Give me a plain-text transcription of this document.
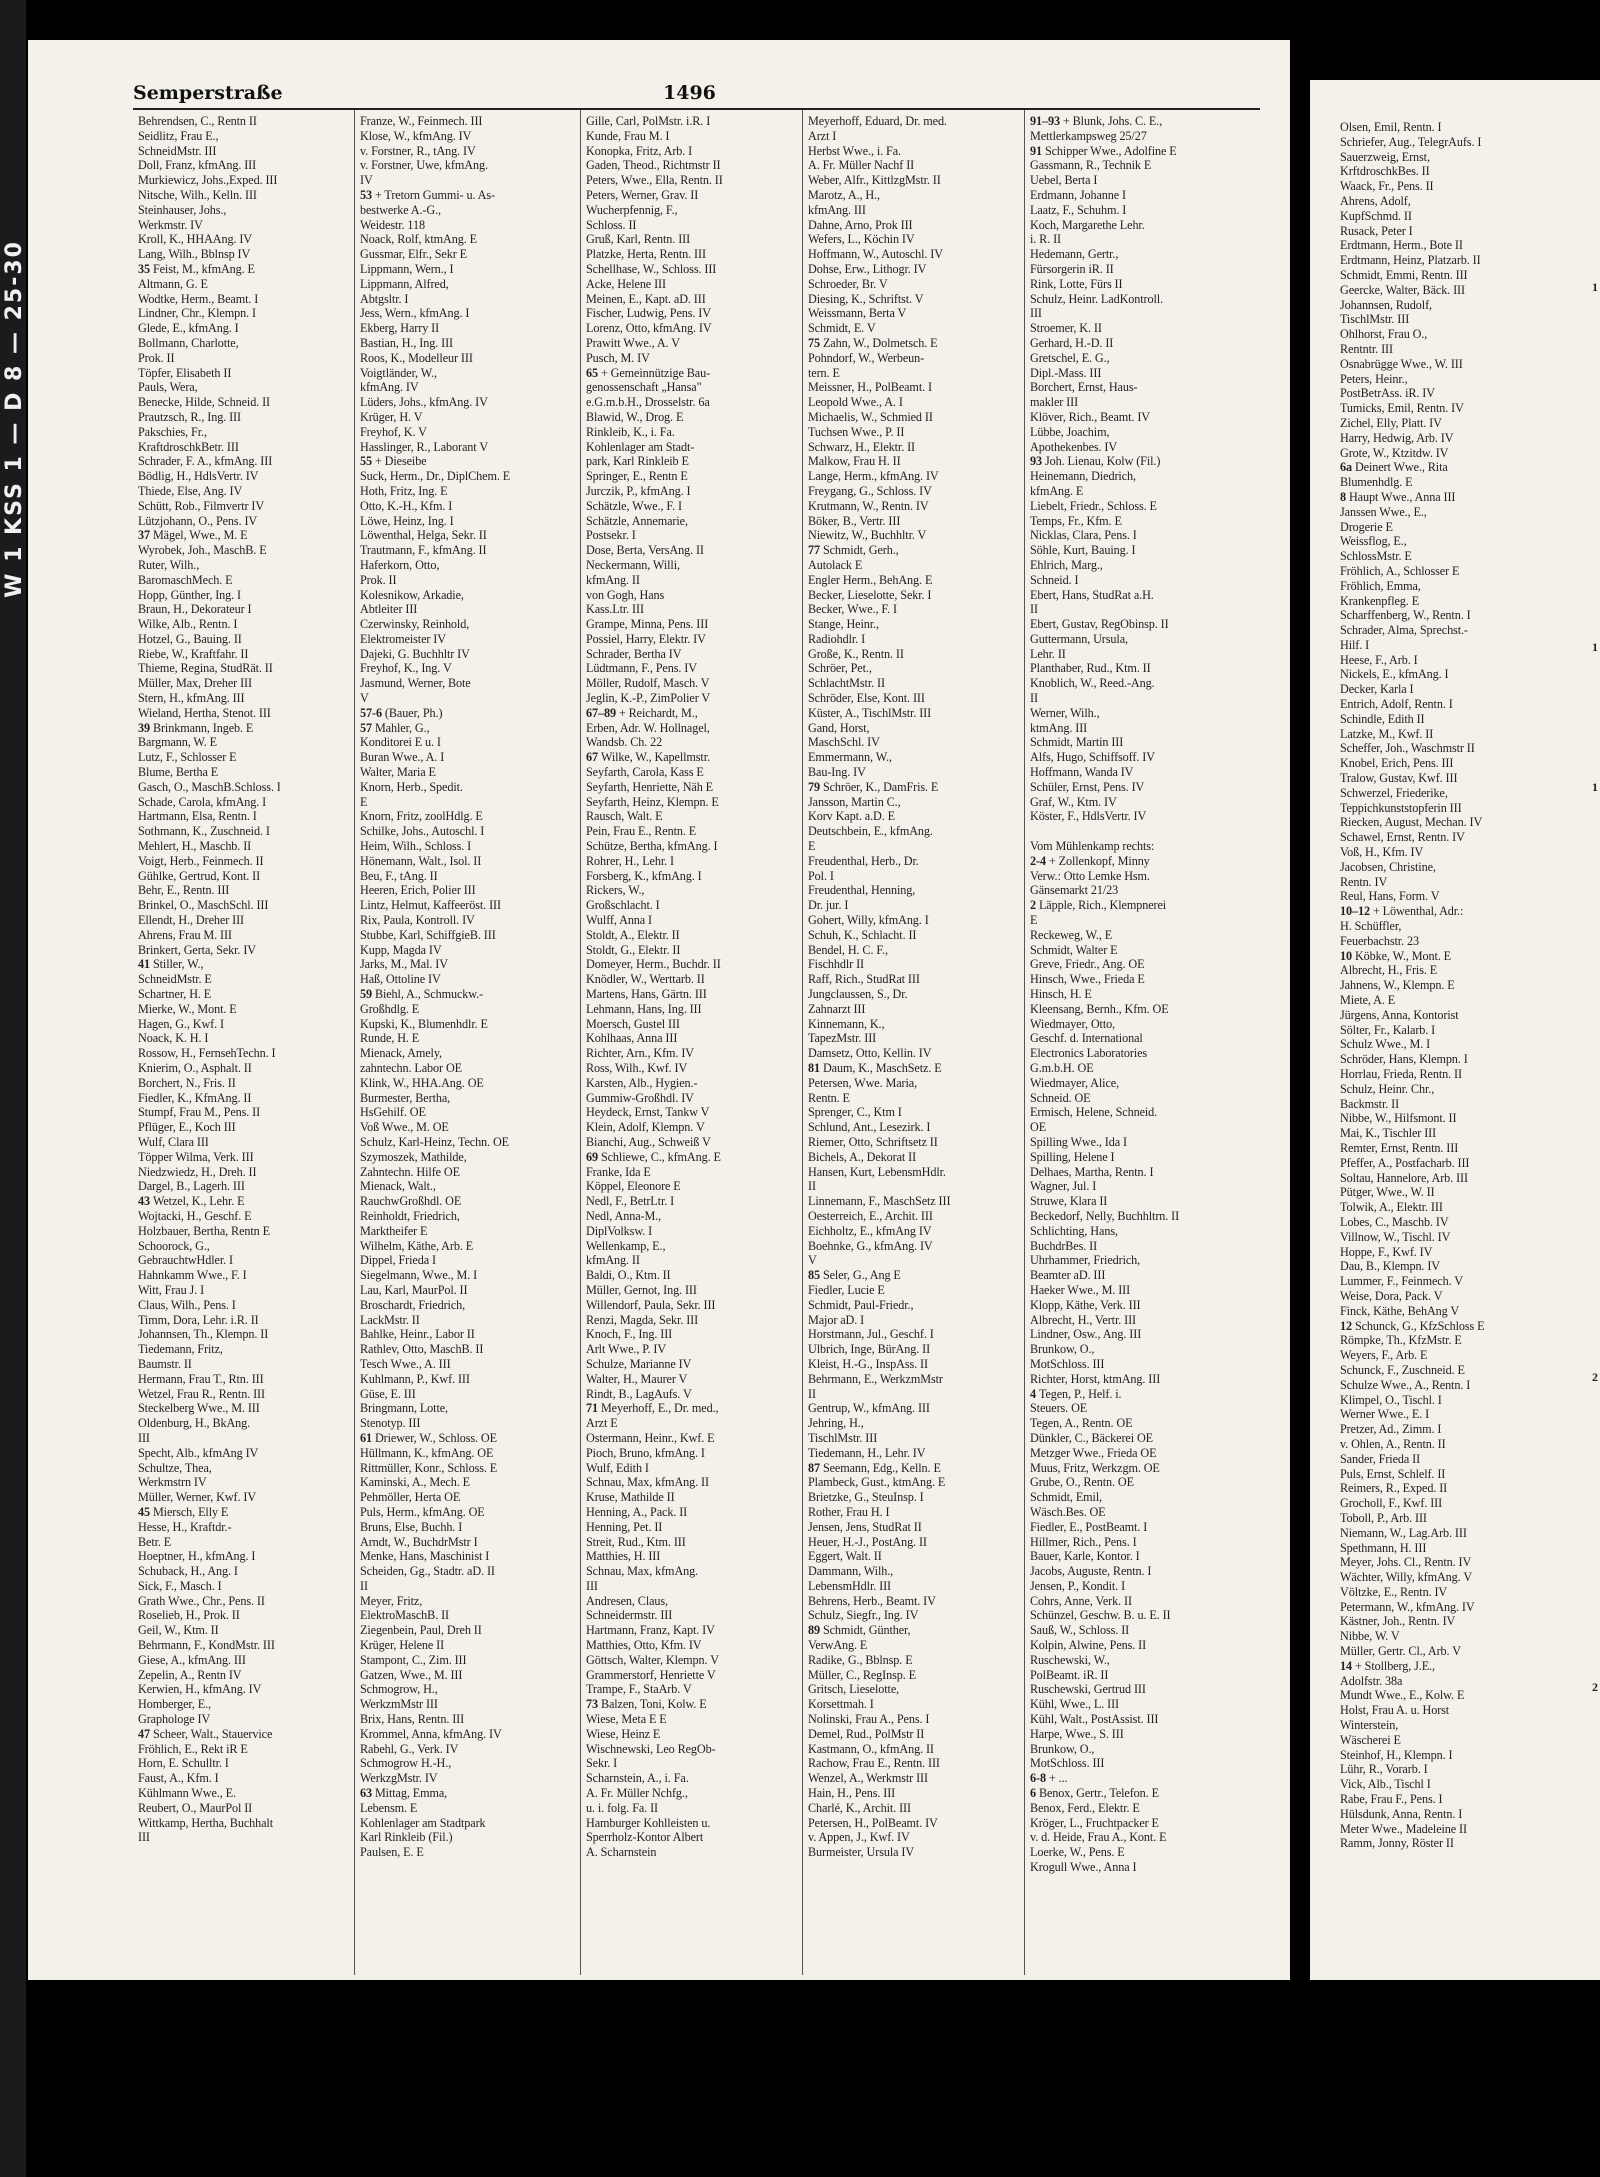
W 1 KSS 1 — D 8 — 25-30
Semperstraße	1496
Behrendsen, C., Rentn II
Seidlitz, Frau E.,
SchneidMstr. III
Doll, Franz, kfmAng. III
Murkiewicz, Johs.,Exped. III
Nitsche, Wilh., Kelln. III
Steinhauser, Johs.,
Werkmstr. IV
Kroll, K., HHAAng. IV
Lang, Wilh., Bblnsp IV
35 Feist, M., kfmAng. E
Altmann, G. E
Wodtke, Herm., Beamt. I
Lindner, Chr., Klempn. I
Glede, E., kfmAng. I
Bollmann, Charlotte,
Prok. II
Töpfer, Elisabeth II
Pauls, Wera,
Benecke, Hilde, Schneid. II
Prautzsch, R., Ing. III
Pakschies, Fr.,
KraftdroschkBetr. III
Schrader, F. A., kfmAng. III
Bödlig, H., HdlsVertr. IV
Thiede, Else, Ang. IV
Schütt, Rob., Filmvertr IV
Lützjohann, O., Pens. IV
37 Mägel, Wwe., M. E
Wyrobek, Joh., MaschB. E
Ruter, Wilh.,
BaromaschMech. E
Hopp, Günther, Ing. I
Braun, H., Dekorateur I
Wilke, Alb., Rentn. I
Hotzel, G., Bauing. II
Riebe, W., Kraftfahr. II
Thieme, Regina, StudRät. II
Müller, Max, Dreher III
Stern, H., kfmAng. III
Wieland, Hertha, Stenot. III
39 Brinkmann, Ingeb. E
Bargmann, W. E
Lutz, F., Schlosser E
Blume, Bertha E
Gasch, O., MaschB.Schloss. I
Schade, Carola, kfmAng. I
Hartmann, Elsa, Rentn. I
Sothmann, K., Zuschneid. I
Mehlert, H., Maschb. II
Voigt, Herb., Feinmech. II
Gühlke, Gertrud, Kont. II
Behr, E., Rentn. III
Brinkel, O., MaschSchl. III
Ellendt, H., Dreher III
Ahrens, Frau M. III
Brinkert, Gerta, Sekr. IV
41 Stiller, W.,
SchneidMstr. E
Schartner, H. E
Mierke, W., Mont. E
Hagen, G., Kwf. I
Noack, K. H. I
Rossow, H., FernsehTechn. I
Knierim, O., Asphalt. II
Borchert, N., Fris. II
Fiedler, K., KfmAng. II
Stumpf, Frau M., Pens. II
Pflüger, E., Koch III
Wulf, Clara III
Töpper Wilma, Verk. III
Niedzwiedz, H., Dreh. II
Dargel, B., Lagerh. III
43 Wetzel, K., Lehr. E
Wojtacki, H., Geschf. E
Holzbauer, Bertha, Rentn E
Schoorock, G.,
GebrauchtwHdler. I
Hahnkamm Wwe., F. I
Witt, Frau J. I
Claus, Wilh., Pens. I
Timm, Dora, Lehr. i.R. II
Johannsen, Th., Klempn. II
Tiedemann, Fritz,
Baumstr. II
Hermann, Frau T., Rtn. III
Wetzel, Frau R., Rentn. III
Steckelberg Wwe., M. III
Oldenburg, H., BkAng.
III
Specht, Alb., kfmAng IV
Schultze, Thea,
Werkmstrn IV
Müller, Werner, Kwf. IV
45 Miersch, Elly E
Hesse, H., Kraftdr.-
Betr. E
Hoeptner, H., kfmAng. I
Schuback, H., Ang. I
Sick, F., Masch. I
Grath Wwe., Chr., Pens. II
Roselieb, H., Prok. II
Geil, W., Ktm. II
Behrmann, F., KondMstr. III
Giese, A., kfmAng. III
Zepelin, A., Rentn IV
Kerwien, H., kfmAng. IV
Homberger, E.,
Graphologe IV
47 Scheer, Walt., Stauervice
Fröhlich, E., Rekt iR E
Horn, E. Schulltr. I
Faust, A., Kfm. I
Kühlmann Wwe., E.
Reubert, O., MaurPol II
Wittkamp, Hertha, Buchhalt
III
Franze, W., Feinmech. III
Klose, W., kfmAng. IV
v. Forstner, R., tAng. IV
v. Forstner, Uwe, kfmAng.
IV
53 + Tretorn Gummi- u. As-
bestwerke A.-G.,
Weidestr. 118
Noack, Rolf, ktmAng. E
Gussmar, Elfr., Sekr E
Lippmann, Wern., I
Lippmann, Alfred,
Abtgsltr. I
Jess, Wern., kfmAng. I
Ekberg, Harry II
Bastian, H., Ing. III
Roos, K., Modelleur III
Voigtländer, W.,
kfmAng. IV
Lüders, Johs., kfmAng. IV
Krüger, H. V
Freyhof, K. V
Hasslinger, R., Laborant V
55 + Dieseibe
Suck, Herm., Dr., DiplChem. E
Hoth, Fritz, Ing. E
Otto, K.-H., Kfm. I
Löwe, Heinz, Ing. I
Löwenthal, Helga, Sekr. II
Trautmann, F., kfmAng. II
Haferkorn, Otto,
Prok. II
Kolesnikow, Arkadie,
Abtleiter III
Czerwinsky, Reinhold,
Elektromeister IV
Dajeki, G. Buchhltr IV
Freyhof, K., Ing. V
Jasmund, Werner, Bote
V
57-6 (Bauer, Ph.)
57 Mahler, G.,
Konditorei E u. I
Buran Wwe., A. I
Walter, Maria E
Knorn, Herb., Spedit.
E
Knorn, Fritz, zoolHdlg. E
Schilke, Johs., Autoschl. I
Heim, Wilh., Schloss. I
Hönemann, Walt., Isol. II
Beu, F., tAng. II
Heeren, Erich, Polier III
Lintz, Helmut, Kaffeeröst. III
Rix, Paula, Kontroll. IV
Stubbe, Karl, SchiffgieB. III
Kupp, Magda IV
Jarks, M., Mal. IV
Haß, Ottoline IV
59 Biehl, A., Schmuckw.-
Großhdlg. E
Kupski, K., Blumenhdlr. E
Runde, H. E
Mienack, Amely,
zahntechn. Labor OE
Klink, W., HHA.Ang. OE
Burmester, Bertha,
HsGehilf. OE
Voß Wwe., M. OE
Schulz, Karl-Heinz, Techn. OE
Szymoszek, Mathilde,
Zahntechn. Hilfe OE
Mienack, Walt.,
RauchwGroßhdl. OE
Reinholdt, Friedrich,
Marktheifer E
Wilhelm, Käthe, Arb. E
Dippel, Frieda I
Siegelmann, Wwe., M. I
Lau, Karl, MaurPol. II
Broschardt, Friedrich,
LackMstr. II
Bahlke, Heinr., Labor II
Rathlev, Otto, MaschB. II
Tesch Wwe., A. III
Kuhlmann, P., Kwf. III
Güse, E. III
Bringmann, Lotte,
Stenotyp. III
61 Driewer, W., Schloss. OE
Hüllmann, K., kfmAng. OE
Rittmüller, Konr., Schloss. E
Kaminski, A., Mech. E
Pehmöller, Herta OE
Puls, Herm., kfmAng. OE
Bruns, Else, Buchh. I
Arndt, W., BuchdrMstr I
Menke, Hans, Maschinist I
Scheiden, Gg., Stadtr. aD. II
II
Meyer, Fritz,
ElektroMaschB. II
Ziegenbein, Paul, Dreh II
Krüger, Helene II
Stampont, C., Zim. III
Gatzen, Wwe., M. III
Schmogrow, H.,
WerkzmMstr III
Brix, Hans, Rentn. III
Krommel, Anna, kfmAng. IV
Rabehl, G., Verk. IV
Schmogrow H.-H.,
WerkzgMstr. IV
63 Mittag, Emma,
Lebensm. E
Kohlenlager am Stadtpark
Karl Rinkleib (Fil.)
Paulsen, E. E
Gille, Carl, PolMstr. i.R. I
Kunde, Frau M. I
Konopka, Fritz, Arb. I
Gaden, Theod., Richtmstr II
Peters, Wwe., Ella, Rentn. II
Peters, Werner, Grav. II
Wucherpfennig, F.,
Schloss. II
Gruß, Karl, Rentn. III
Platzke, Herta, Rentn. III
Schellhase, W., Schloss. III
Acke, Helene III
Meinen, E., Kapt. aD. III
Fischer, Ludwig, Pens. IV
Lorenz, Otto, kfmAng. IV
Prawitt Wwe., A. V
Pusch, M. IV
65 + Gemeinnützige Bau-
genossenschaft „Hansa"
e.G.m.b.H., Drosselstr. 6a
Blawid, W., Drog. E
Rinkleib, K., i. Fa.
Kohlenlager am Stadt-
park, Karl Rinkleib E
Springer, E., Rentn E
Jurczik, P., kfmAng. I
Schätzle, Wwe., F. I
Schätzle, Annemarie,
Postsekr. I
Dose, Berta, VersAng. II
Neckermann, Willi,
kfmAng. II
von Gogh, Hans
Kass.Ltr. III
Grampe, Minna, Pens. III
Possiel, Harry, Elektr. IV
Schrader, Bertha IV
Lüdtmann, F., Pens. IV
Möller, Rudolf, Masch. V
Jeglin, K.-P., ZimPolier V
67–89 + Reichardt, M.,
Erben, Adr. W. Hollnagel,
Wandsb. Ch. 22
67 Wilke, W., Kapellmstr.
Seyfarth, Carola, Kass E
Seyfarth, Henriette, Näh E
Seyfarth, Heinz, Klempn. E
Rausch, Walt. E
Pein, Frau E., Rentn. E
Schütze, Bertha, kfmAng. I
Rohrer, H., Lehr. I
Forsberg, K., kfmAng. I
Rickers, W.,
Großschlacht. I
Wulff, Anna I
Stoldt, A., Elektr. II
Stoldt, G., Elektr. II
Domeyer, Herm., Buchdr. II
Knödler, W., Werttarb. II
Martens, Hans, Gärtn. III
Lehmann, Hans, Ing. III
Moersch, Gustel III
Kohlhaas, Anna III
Richter, Arn., Kfm. IV
Ross, Wilh., Kwf. IV
Karsten, Alb., Hygien.-
Gummiw-Großhdl. IV
Heydeck, Ernst, Tankw V
Klein, Adolf, Klempn. V
Bianchi, Aug., Schweiß V
69 Schliewe, C., kfmAng. E
Franke, Ida E
Köppel, Eleonore E
Nedl, F., BetrLtr. I
Nedl, Anna-M.,
DiplVolksw. I
Wellenkamp, E.,
kfmAng. II
Baldi, O., Ktm. II
Müller, Gernot, Ing. III
Willendorf, Paula, Sekr. III
Renzi, Magda, Sekr. III
Knoch, F., Ing. III
Arlt Wwe., P. IV
Schulze, Marianne IV
Walter, H., Maurer V
Rindt, B., LagAufs. V
71 Meyerhoff, E., Dr. med.,
Arzt E
Ostermann, Heinr., Kwf. E
Pioch, Bruno, kfmAng. I
Wulf, Edith I
Schnau, Max, kfmAng. II
Kruse, Mathilde II
Henning, A., Pack. II
Henning, Pet. II
Streit, Rud., Ktm. III
Matthies, H. III
Schnau, Max, kfmAng.
III
Andresen, Claus,
Schneidermstr. III
Hartmann, Franz, Kapt. IV
Matthies, Otto, Kfm. IV
Göttsch, Walter, Klempn. V
Grammerstorf, Henriette V
Trampe, F., StaArb. V
73 Balzen, Toni, Kolw. E
Wiese, Meta E E
Wiese, Heinz E
Wischnewski, Leo RegOb-
Sekr. I
Scharnstein, A., i. Fa.
A. Fr. Müller Nchfg.,
u. i. folg. Fa. II
Hamburger Kohlleisten u.
Sperrholz-Kontor Albert
A. Scharnstein
Meyerhoff, Eduard, Dr. med.
Arzt I
Herbst Wwe., i. Fa.
A. Fr. Müller Nachf II
Weber, Alfr., KittlzgMstr. II
Marotz, A., H.,
kfmAng. III
Dahne, Arno, Prok III
Wefers, L., Köchin IV
Hoffmann, W., Autoschl. IV
Dohse, Erw., Lithogr. IV
Schroeder, Br. V
Diesing, K., Schriftst. V
Weissmann, Berta V
Schmidt, E. V
75 Zahn, W., Dolmetsch. E
Pohndorf, W., Werbeun-
tern. E
Meissner, H., PolBeamt. I
Leopold Wwe., A. I
Michaelis, W., Schmied II
Tuchsen Wwe., P. II
Schwarz, H., Elektr. II
Malkow, Frau H. II
Lange, Herm., kfmAng. IV
Freygang, G., Schloss. IV
Krutmann, W., Rentn. IV
Böker, B., Vertr. III
Niewitz, W., Buchhltr. V
77 Schmidt, Gerh.,
Autolack E
Engler Herm., BehAng. E
Becker, Lieselotte, Sekr. I
Becker, Wwe., F. I
Stange, Heinr.,
Radiohdlr. I
Große, K., Rentn. II
Schröer, Pet.,
SchlachtMstr. II
Schröder, Else, Kont. III
Küster, A., TischlMstr. III
Gand, Horst,
MaschSchl. IV
Emmermann, W.,
Bau-Ing. IV
79 Schröer, K., DamFris. E
Jansson, Martin C.,
Korv Kapt. a.D. E
Deutschbein, E., kfmAng.
E
Freudenthal, Herb., Dr.
Pol. I
Freudenthal, Henning,
Dr. jur. I
Gohert, Willy, kfmAng. I
Schuh, K., Schlacht. II
Bendel, H. C. F.,
Fischhdlr II
Raff, Rich., StudRat III
Jungclaussen, S., Dr.
Zahnarzt III
Kinnemann, K.,
TapezMstr. III
Damsetz, Otto, Kellin. IV
81 Daum, K., MaschSetz. E
Petersen, Wwe. Maria,
Rentn. E
Sprenger, C., Ktm I
Schlund, Ant., Lesezirk. I
Riemer, Otto, Schriftsetz II
Bichels, A., Dekorat II
Hansen, Kurt, LebensmHdlr.
II
Linnemann, F., MaschSetz III
Oesterreich, E., Archit. III
Eichholtz, E., kfmAng IV
Boehnke, G., kfmAng. IV
V
85 Seler, G., Ang E
Fiedler, Lucie E
Schmidt, Paul-Friedr.,
Major aD. I
Horstmann, Jul., Geschf. I
Ulbrich, Inge, BürAng. II
Kleist, H.-G., InspAss. II
Behrmann, E., WerkzmMstr
II
Gentrup, W., kfmAng. III
Jehring, H.,
TischlMstr. III
Tiedemann, H., Lehr. IV
87 Seemann, Edg., Kelln. E
Plambeck, Gust., ktmAng. E
Brietzke, G., SteuInsp. I
Rother, Frau H. I
Jensen, Jens, StudRat II
Heuer, H.-J., PostAng. II
Eggert, Walt. II
Dammann, Wilh.,
LebensmHdlr. III
Behrens, Herb., Beamt. IV
Schulz, Siegfr., Ing. IV
89 Schmidt, Günther,
VerwAng. E
Radike, G., Bblnsp. E
Müller, C., RegInsp. E
Gritsch, Lieselotte,
Korsettmah. I
Nolinski, Frau A., Pens. I
Demel, Rud., PolMstr II
Kastmann, O., kfmAng. II
Rachow, Frau E., Rentn. III
Wenzel, A., Werkmstr III
Hain, H., Pens. III
Charlé, K., Archit. III
Petersen, H., PolBeamt. IV
v. Appen, J., Kwf. IV
Burmeister, Ursula IV
91–93 + Blunk, Johs. C. E.,
Mettlerkampsweg 25/27
91 Schipper Wwe., Adolfine E
Gassmann, R., Technik E
Uebel, Berta I
Erdmann, Johanne I
Laatz, F., Schuhm. I
Koch, Margarethe Lehr.
i. R. II
Hedemann, Gertr.,
Fürsorgerin iR. II
Rink, Lotte, Fürs II
Schulz, Heinr. LadKontroll.
III
Stroemer, K. II
Gerhard, H.-D. II
Gretschel, E. G.,
Dipl.-Mass. III
Borchert, Ernst, Haus-
makler III
Klöver, Rich., Beamt. IV
Lübbe, Joachim,
Apothekenbes. IV
93 Joh. Lienau, Kolw (Fil.)
Heinemann, Diedrich,
kfmAng. E
Liebelt, Friedr., Schloss. E
Temps, Fr., Kfm. E
Nicklas, Clara, Pens. I
Söhle, Kurt, Bauing. I
Ehlrich, Marg.,
Schneid. I
Ebert, Hans, StudRat a.H.
II
Ebert, Gustav, RegObinsp. II
Guttermann, Ursula,
Lehr. II
Planthaber, Rud., Ktm. II
Knoblich, W., Reed.-Ang.
II
Werner, Wilh.,
ktmAng. III
Schmidt, Martin III
Alfs, Hugo, Schiffsoff. IV
Hoffmann, Wanda IV
Schüler, Ernst, Pens. IV
Graf, W., Ktm. IV
Köster, F., HdlsVertr. IV

Vom Mühlenkamp rechts:
2-4 + Zollenkopf, Minny
Verw.: Otto Lemke Hsm.
Gänsemarkt 21/23
2 Läpple, Rich., Klempnerei
E
Reckeweg, W., E
Schmidt, Walter E
Greve, Friedr., Ang. OE
Hinsch, Wwe., Frieda E
Hinsch, H. E
Kleensang, Bernh., Kfm. OE
Wiedmayer, Otto,
Geschf. d. International
Electronics Laboratories
G.m.b.H. OE
Wiedmayer, Alice,
Schneid. OE
Ermisch, Helene, Schneid.
OE
Spilling Wwe., Ida I
Spilling, Helene I
Delhaes, Martha, Rentn. I
Wagner, Jul. I
Struwe, Klara II
Beckedorf, Nelly, Buchhltrn. II
Schlichting, Hans,
BuchdrBes. II
Uhrhammer, Friedrich,
Beamter aD. III
Haeker Wwe., M. III
Klopp, Käthe, Verk. III
Albrecht, H., Vertr. III
Lindner, Osw., Ang. III
Brunkow, O.,
MotSchloss. III
Richter, Horst, ktmAng. III
4 Tegen, P., Helf. i.
Steuers. OE
Tegen, A., Rentn. OE
Dünkler, C., Bäckerei OE
Metzger Wwe., Frieda OE
Muus, Fritz, Werkzgm. OE
Grube, O., Rentn. OE
Schmidt, Emil,
Wäsch.Bes. OE
Fiedler, E., PostBeamt. I
Hillmer, Rich., Pens. I
Bauer, Karle, Kontor. I
Jacobs, Auguste, Rentn. I
Jensen, P., Kondit. I
Cohrs, Anne, Verk. II
Schünzel, Geschw. B. u. E. II
Sauß, W., Schloss. II
Kolpin, Alwine, Pens. II
Ruschewski, W.,
PolBeamt. iR. II
Ruschewski, Gertrud III
Kühl, Wwe., L. III
Kühl, Walt., PostAssist. III
Harpe, Wwe., S. III
Brunkow, O.,
MotSchloss. III
6-8 + ...
6 Benox, Gertr., Telefon. E
Benox, Ferd., Elektr. E
Kröger, L., Fruchtpacker E
v. d. Heide, Frau A., Kont. E
Loerke, W., Pens. E
Krogull Wwe., Anna I
Olsen, Emil, Rentn. I
Schriefer, Aug., TelegrAufs. I
Sauerzweig, Ernst,
KrftdroschkBes. II
Waack, Fr., Pens. II
Ahrens, Adolf,
KupfSchmd. II
Rusack, Peter I
Erdtmann, Herm., Bote II
Erdtmann, Heinz, Platzarb. II
Schmidt, Emmi, Rentn. III
Geercke, Walter, Bäck. III
Johannsen, Rudolf,
TischlMstr. III
Ohlhorst, Frau O.,
Rentntr. III
Osnabrügge Wwe., W. III
Peters, Heinr.,
PostBetrAss. iR. IV
Tumicks, Emil, Rentn. IV
Zichel, Elly, Platt. IV
Harry, Hedwig, Arb. IV
Grote, W., Ktzitdw. IV
6a Deinert Wwe., Rita
Blumenhdlg. E
8 Haupt Wwe., Anna III
Janssen Wwe., E.,
Drogerie E
Weissflog, E.,
SchlossMstr. E
Fröhlich, A., Schlosser E
Fröhlich, Emma,
Krankenpfleg. E
Scharffenberg, W., Rentn. I
Schrader, Alma, Sprechst.-
Hilf. I
Heese, F., Arb. I
Nickels, E., kfmAng. I
Decker, Karla I
Entrich, Adolf, Rentn. I
Schindle, Edith II
Latzke, M., Kwf. II
Scheffer, Joh., Waschmstr II
Knobel, Erich, Pens. III
Tralow, Gustav, Kwf. III
Schwerzel, Friederike,
Teppichkunststopferin III
Riecken, August, Mechan. IV
Schawel, Ernst, Rentn. IV
Voß, H., Kfm. IV
Jacobsen, Christine,
Rentn. IV
Reul, Hans, Form. V
10–12 + Löwenthal, Adr.:
H. Schüffler,
Feuerbachstr. 23
10 Köbke, W., Mont. E
Albrecht, H., Fris. E
Jahnens, W., Klempn. E
Miete, A. E
Jürgens, Anna, Kontorist
Sölter, Fr., Kalarb. I
Schulz Wwe., M. I
Schröder, Hans, Klempn. I
Horrlau, Frieda, Rentn. II
Schulz, Heinr. Chr.,
Backmstr. II
Nibbe, W., Hilfsmont. II
Mai, K., Tischler III
Remter, Ernst, Rentn. III
Pfeffer, A., Postfacharb. III
Soltau, Hannelore, Arb. III
Pütger, Wwe., W. II
Tolwik, A., Elektr. III
Lobes, C., Maschb. IV
Villnow, W., Tischl. IV
Hoppe, F., Kwf. IV
Dau, B., Klempn. IV
Lummer, F., Feinmech. V
Weise, Dora, Pack. V
Finck, Käthe, BehAng V
12 Schunck, G., KfzSchloss E
Römpke, Th., KfzMstr. E
Weyers, F., Arb. E
Schunck, F., Zuschneid. E
Schulze Wwe., A., Rentn. I
Klimpel, O., Tischl. I
Werner Wwe., E. I
Pretzer, Ad., Zimm. I
v. Ohlen, A., Rentn. II
Sander, Frieda II
Puls, Ernst, Schlelf. II
Reimers, R., Exped. II
Grocholl, F., Kwf. III
Toboll, P., Arb. III
Niemann, W., Lag.Arb. III
Spethmann, H. III
Meyer, Johs. Cl., Rentn. IV
Wächter, Willy, kfmAng. V
Völtzke, E., Rentn. IV
Petermann, W., kfmAng. IV
Kästner, Joh., Rentn. IV
Nibbe, W. V
Müller, Gertr. Cl., Arb. V
14 + Stollberg, J.E.,
Adolfstr. 38a
Mundt Wwe., E., Kolw. E
Holst, Frau A. u. Horst
Winterstein,
Wäscherei E
Steinhof, H., Klempn. I
Lühr, R., Vorarb. I
Vick, Alb., Tischl I
Rabe, Frau F., Pens. I
Hülsdunk, Anna, Rentn. I
Meter Wwe., Madeleine II
Ramm, Jonny, Röster II
1
1
1
2
2
